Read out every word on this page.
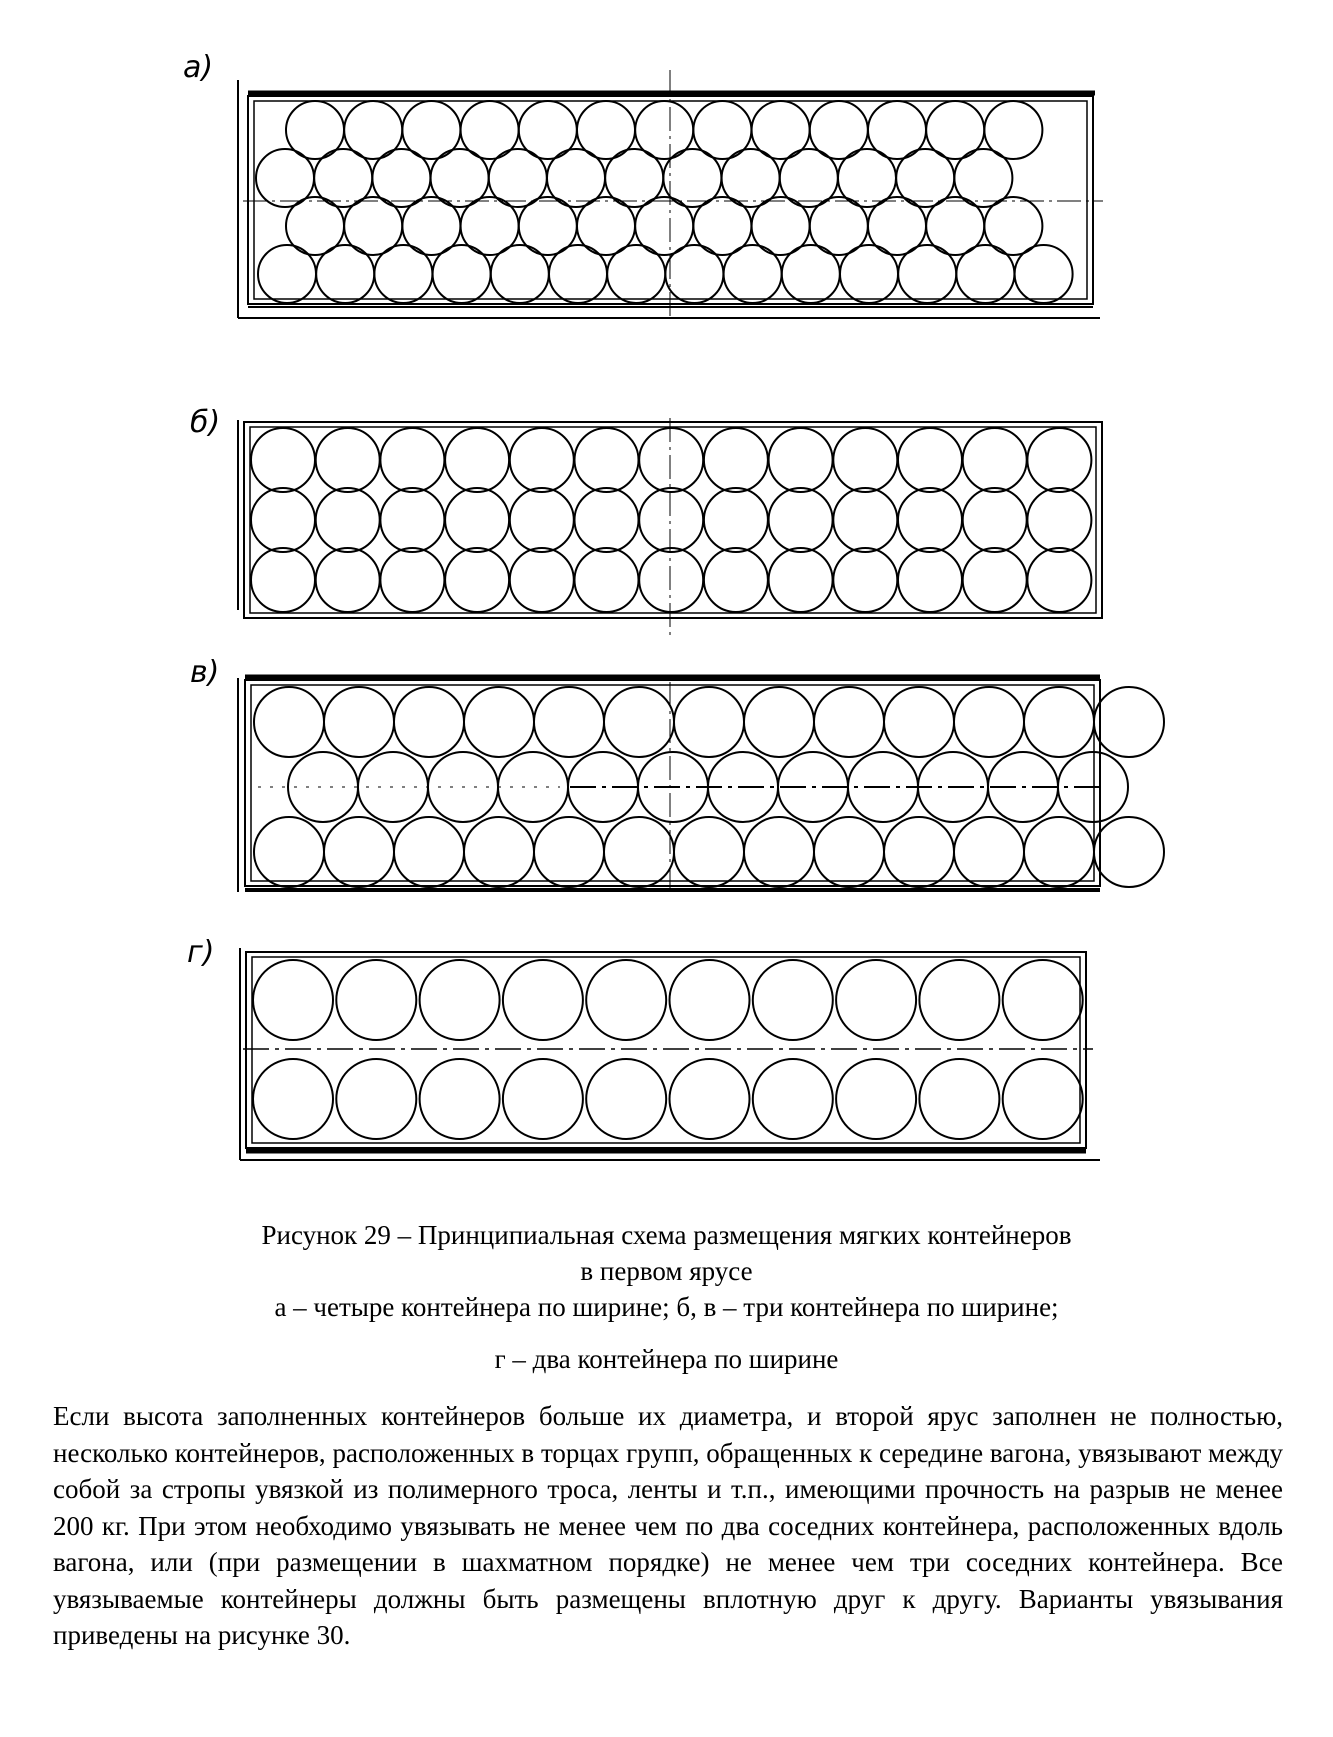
а)
б)
в)
г)
Рисунок 29 – Принципиальная схема размещения мягких контейнеров
в первом ярусе
а – четыре контейнера по ширине; б, в – три контейнера по ширине;
г – два контейнера по ширине
Если высота заполненных контейнеров больше их диаметра, и второй ярус заполнен не полностью, несколько контейнеров, расположенных в торцах групп, обращенных к середине вагона, увязывают между собой за стропы увязкой из полимерного троса, ленты и т.п., имеющими прочность на разрыв не менее 200 кг. При этом необходимо увязывать не менее чем по два соседних контейнера, расположенных вдоль вагона, или (при размещении в шахматном порядке) не менее чем три соседних контейнера. Все увязываемые контейнеры должны быть размещены вплотную друг к другу. Варианты увязывания приведены на рисунке 30.
